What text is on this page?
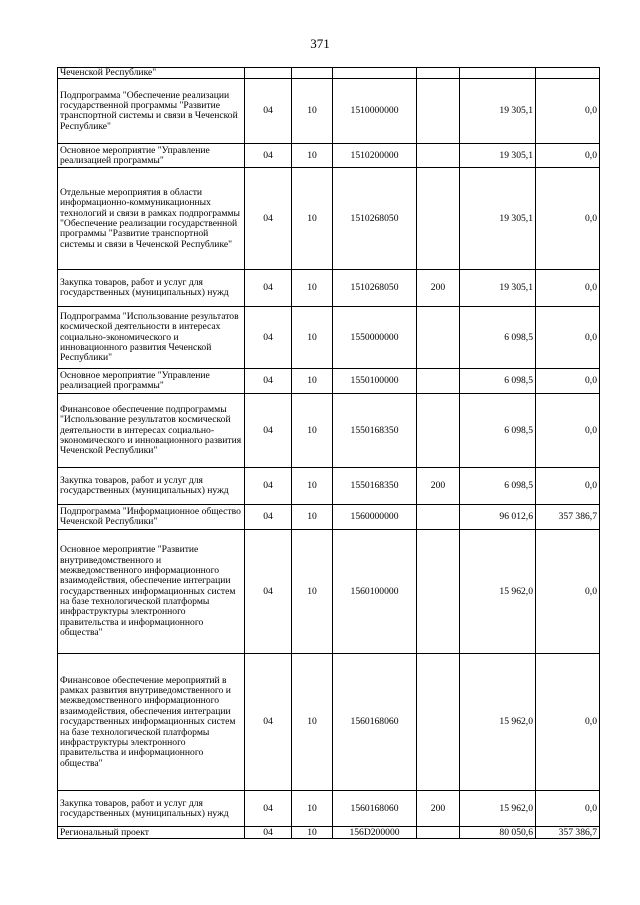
371
Чеченской Республике"						
Подпрограмма "Обеспечение реализации государственной программы "Развитие транспортной системы и связи в Чеченской Республике"	04	10	1510000000		19 305,1	0,0
Основное мероприятие "Управление реализацией программы"	04	10	1510200000		19 305,1	0,0
Отдельные мероприятия в области информационно-коммуникационных технологий и связи в рамках подпрограммы "Обеспечение реализации государственной программы "Развитие транспортной системы и связи в Чеченской Республике"	04	10	1510268050		19 305,1	0,0
Закупка товаров, работ и услуг для государственных (муниципальных) нужд	04	10	1510268050	200	19 305,1	0,0
Подпрограмма "Использование результатов космической деятельности в интересах социально-экономического и инновационного развития Чеченской Республики"	04	10	1550000000		6 098,5	0,0
Основное мероприятие "Управление реализацией программы"	04	10	1550100000		6 098,5	0,0
Финансовое обеспечение подпрограммы "Использование результатов космической деятельности в интересах социально-экономического и инновационного развития Чеченской Республики"	04	10	1550168350		6 098,5	0,0
Закупка товаров, работ и услуг для государственных (муниципальных) нужд	04	10	1550168350	200	6 098,5	0,0
Подпрограмма "Информационное общество Чеченской Республики"	04	10	1560000000		96 012,6	357 386,7
Основное мероприятие "Развитие внутриведомственного и межведомственного информационного взаимодействия, обеспечение интеграции государственных информационных систем на базе технологической платформы инфраструктуры электронного правительства и информационного общества"	04	10	1560100000		15 962,0	0,0
Финансовое обеспечение мероприятий в рамках развития внутриведомственного и межведомственного информационного взаимодействия, обеспечения интеграции государственных информационных систем на базе технологической платформы инфраструктуры электронного правительства и информационного общества"	04	10	1560168060		15 962,0	0,0
Закупка товаров, работ и услуг для государственных (муниципальных) нужд	04	10	1560168060	200	15 962,0	0,0
Региональный проект	04	10	156D200000		80 050,6	357 386,7
